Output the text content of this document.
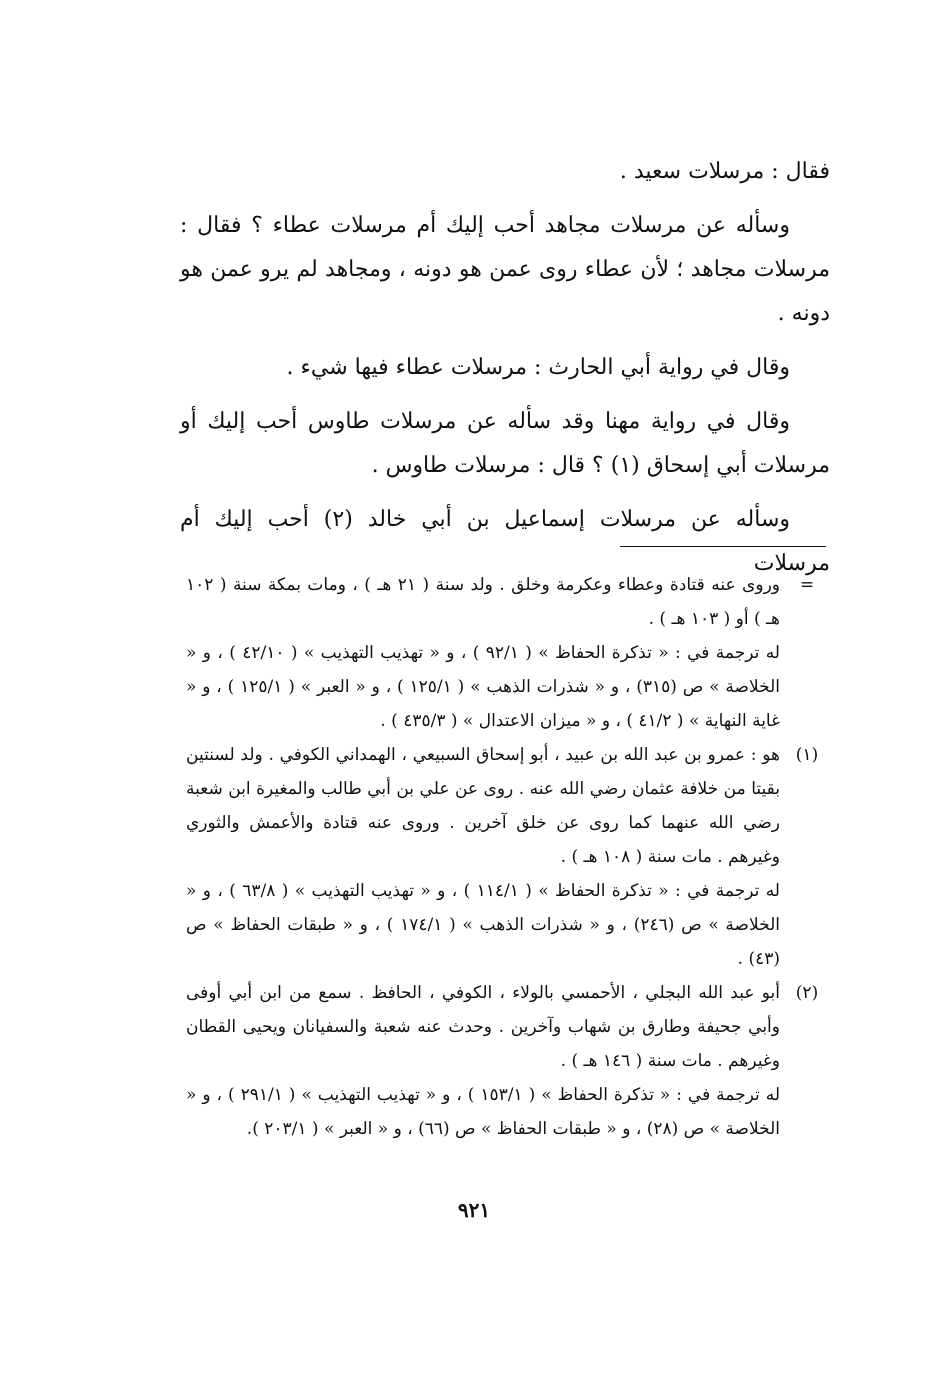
فقال : مرسلات سعيد .

وسأله عن مرسلات مجاهد أحب إليك أم مرسلات عطاء ؟ فقال : مرسلات مجاهد ؛ لأن عطاء روى عمن هو دونه ، ومجاهد لم يرو عمن هو دونه .

وقال في رواية أبي الحارث : مرسلات عطاء فيها شيء .

وقال في رواية مهنا وقد سأله عن مرسلات طاوس أحب إليك أو مرسلات أبي إسحاق (١) ؟ قال : مرسلات طاوس .

وسأله عن مرسلات إسماعيل بن أبي خالد (٢) أحب إليك أم مرسلات

=
وروى عنه قتادة وعطاء وعكرمة وخلق . ولد سنة ( ٢١ هـ ) ، ومات بمكة سنة ( ١٠٢ هـ ) أو ( ١٠٣ هـ ) .
له ترجمة في : « تذكرة الحفاظ » ( ٩٢/١ ) ، و « تهذيب التهذيب » ( ٤٢/١٠ ) ، و « الخلاصة » ص (٣١٥) ، و « شذرات الذهب » ( ١٢٥/١ ) ، و « العبر » ( ١٢٥/١ ) ، و « غاية النهاية » ( ٤١/٢ ) ، و « ميزان الاعتدال » ( ٤٣٥/٣ ) .
(١)
هو : عمرو بن عبد الله بن عبيد ، أبو إسحاق السبيعي ، الهمداني الكوفي . ولد لسنتين بقيتا من خلافة عثمان رضي الله عنه . روى عن علي بن أبي طالب والمغيرة ابن شعبة رضي الله عنهما كما روى عن خلق آخرين . وروى عنه قتادة والأعمش والثوري وغيرهم . مات سنة ( ١٠٨ هـ ) .
له ترجمة في : « تذكرة الحفاظ » ( ١١٤/١ ) ، و « تهذيب التهذيب » ( ٦٣/٨ ) ، و « الخلاصة » ص (٢٤٦) ، و « شذرات الذهب » ( ١٧٤/١ ) ، و « طبقات الحفاظ » ص (٤٣) .
(٢)
أبو عبد الله البجلي ، الأحمسي بالولاء ، الكوفي ، الحافظ . سمع من ابن أبي أوفى وأبي جحيفة وطارق بن شهاب وآخرين . وحدث عنه شعبة والسفيانان ويحيى القطان وغيرهم . مات سنة ( ١٤٦ هـ ) .
له ترجمة في : « تذكرة الحفاظ » ( ١٥٣/١ ) ، و « تهذيب التهذيب » ( ٢٩١/١ ) ، و « الخلاصة » ص (٢٨) ، و « طبقات الحفاظ » ص (٦٦) ، و « العبر » ( ٢٠٣/١ ).
٩٢١
